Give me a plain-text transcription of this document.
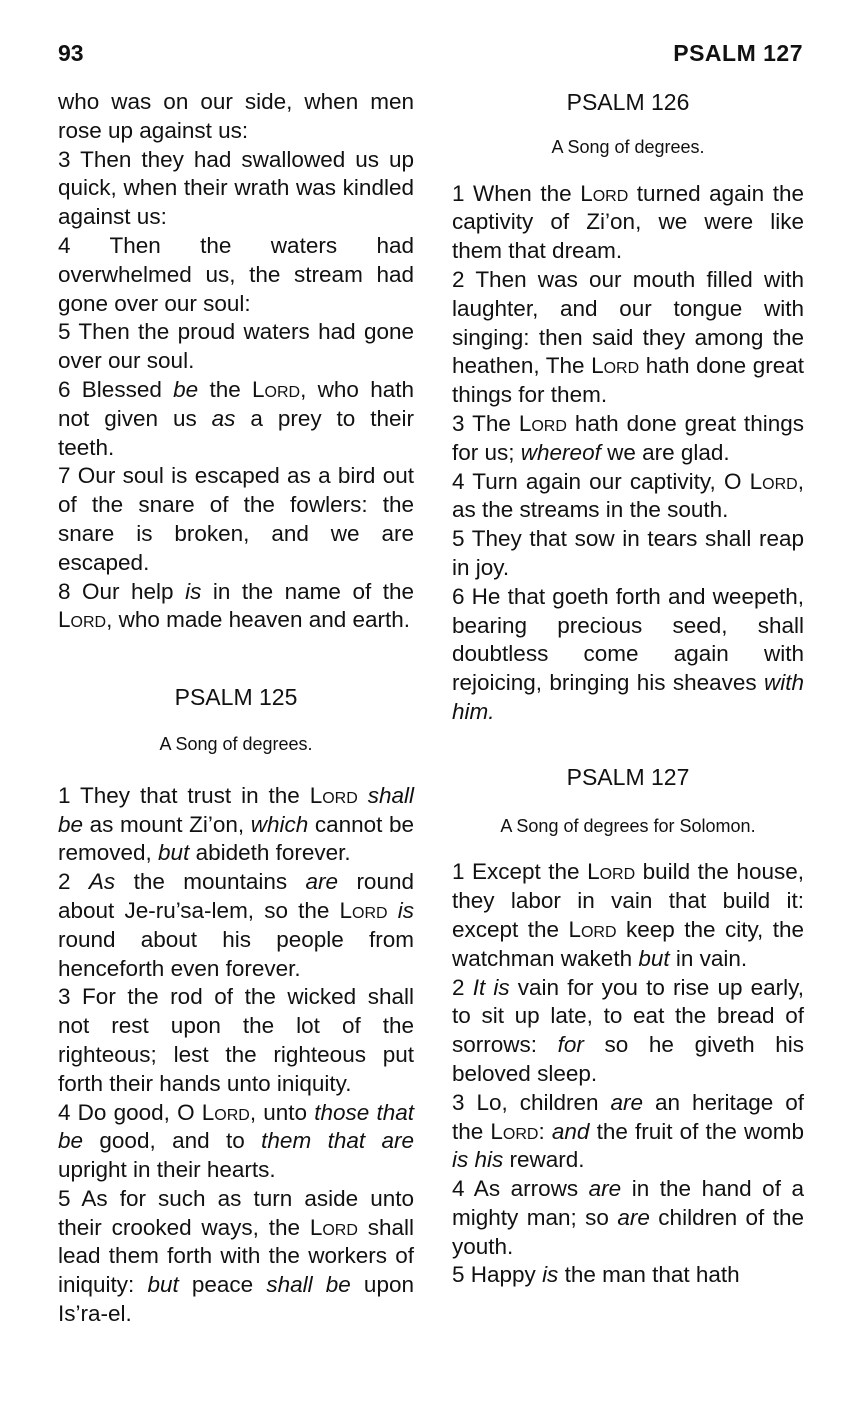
93	PSALM 127
who was on our side, when men rose up against us:
3 Then they had swallowed us up quick, when their wrath was kindled against us:
4 Then the waters had overwhelmed us, the stream had gone over our soul:
5 Then the proud waters had gone over our soul.
6 Blessed be the Lord, who hath not given us as a prey to their teeth.
7 Our soul is escaped as a bird out of the snare of the fowlers: the snare is broken, and we are escaped.
8 Our help is in the name of the Lord, who made heaven and earth.
PSALM 125
A Song of degrees.
1 They that trust in the Lord shall be as mount Zi’on, which cannot be removed, but abideth forever.
2 As the mountains are round about Je-ru’sa-lem, so the Lord is round about his people from henceforth even forever.
3 For the rod of the wicked shall not rest upon the lot of the righteous; lest the righteous put forth their hands unto iniquity.
4 Do good, O Lord, unto those that be good, and to them that are upright in their hearts.
5 As for such as turn aside unto their crooked ways, the Lord shall lead them forth with the workers of iniquity: but peace shall be upon Is’ra-el.
PSALM 126
A Song of degrees.
1 When the Lord turned again the captivity of Zi’on, we were like them that dream.
2 Then was our mouth filled with laughter, and our tongue with singing: then said they among the heathen, The Lord hath done great things for them.
3 The Lord hath done great things for us; whereof we are glad.
4 Turn again our captivity, O Lord, as the streams in the south.
5 They that sow in tears shall reap in joy.
6 He that goeth forth and weepeth, bearing precious seed, shall doubtless come again with rejoicing, bringing his sheaves with him.
PSALM 127
A Song of degrees for Solomon.
1 Except the Lord build the house, they labor in vain that build it: except the Lord keep the city, the watchman waketh but in vain.
2 It is vain for you to rise up early, to sit up late, to eat the bread of sorrows: for so he giveth his beloved sleep.
3 Lo, children are an heritage of the Lord: and the fruit of the womb is his reward.
4 As arrows are in the hand of a mighty man; so are children of the youth.
5 Happy is the man that hath
